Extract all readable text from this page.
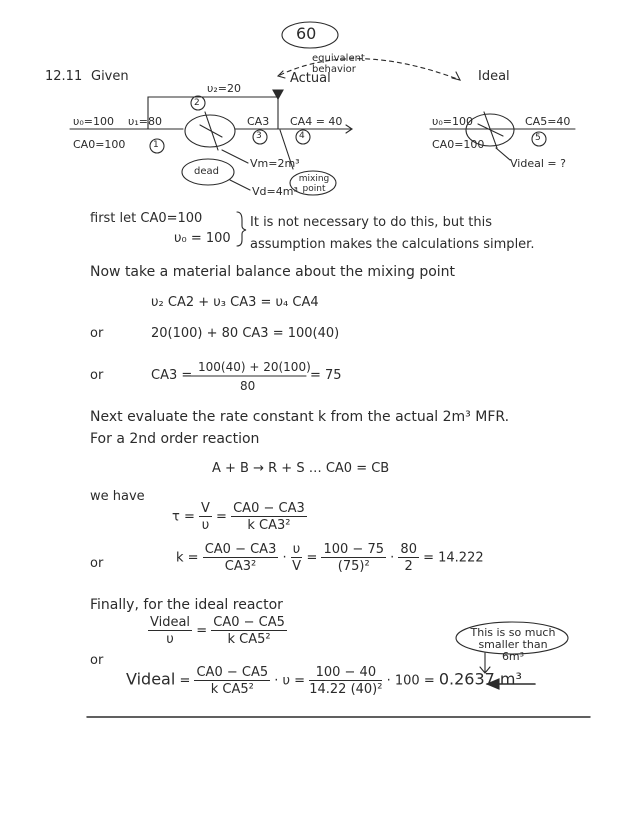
60
12.11 Given
equivalent behavior
Actual	Ideal
υ₂=20
2
υ₀=100
CA0=100
υ₁=80
1
CA3
3
CA4 = 40
4
dead
Vm=2m³
Vd=4m³
mixing point
υ₀=100
CA0=100
CA5=40
5
Videal = ?
first let CA0=100
υ₀ = 100
It is not necessary to do this, but this
assumption makes the calculations simpler.
Now take a material balance about the mixing point
υ₂ CA2 + υ₃ CA3 = υ₄ CA4
or	20(100) + 80 CA3 = 100(40)
or	CA3 =
100(40) + 20(100)
80
= 75
Next evaluate the rate constant k from the actual 2m³ MFR.
For a 2nd order reaction
A + B → R + S … CA0 = CB
we have
$\tau = \frac{V}{\upsilon} = \frac{CA0 - CA3}{\text{k CA3²}}$
or	$k = \frac{CA0 - CA3}{\text{CA3²}} \cdot \frac{\upsilon}{V} = \frac{100 - 75}{\text{(75)²}} \cdot \frac{80}{2} = 14.222$
Finally, for the ideal reactor
$\frac{\text{Videal}}{\upsilon} = \frac{CA0 - CA5}{\text{k CA5²}}$	This is so much smaller than 6m³
or
Videal = $\frac{CA0 - CA5}{\text{k CA5²}} \cdot \upsilon = \frac{100 - 40}{\text{14.22 (40)²}} \cdot 100 = 0.2637$ m³
